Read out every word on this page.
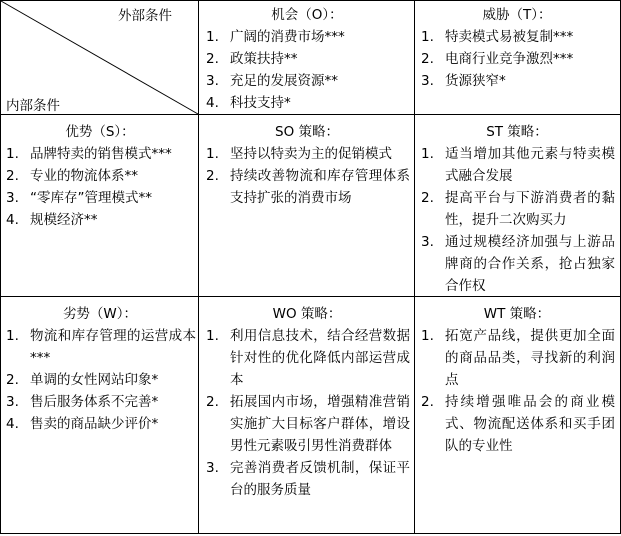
外部条件
内部条件
机会（O）：
1. 广阔的消费市场***
2. 政策扶持**
3. 充足的发展资源**
4. 科技支持*
威胁（T）：
1. 特卖模式易被复制***
2. 电商行业竞争激烈***
3. 货源狭窄*
优势（S）：
1. 品牌特卖的销售模式***
2. 专业的物流体系**
3. “零库存”管理模式**
4. 规模经济**
SO 策略：
1. 坚持以特卖为主的促销模式
2. 持续改善物流和库存管理体系支持扩张的消费市场
ST 策略：
1. 适当增加其他元素与特卖模式融合发展
2. 提高平台与下游消费者的黏性，提升二次购买力
3. 通过规模经济加强与上游品牌商的合作关系，抢占独家合作权
劣势（W）：
1. 物流和库存管理的运营成本***
2. 单调的女性网站印象*
3. 售后服务体系不完善*
4. 售卖的商品缺少评价*
WO 策略：
1. 利用信息技术，结合经营数据针对性的优化降低内部运营成本
2. 拓展国内市场，增强精准营销实施扩大目标客户群体，增设男性元素吸引男性消费群体
3. 完善消费者反馈机制，保证平台的服务质量
WT 策略：
1. 拓宽产品线，提供更加全面的商品品类，寻找新的利润点
2. 持续增强唯品会的商业模式、物流配送体系和买手团队的专业性
